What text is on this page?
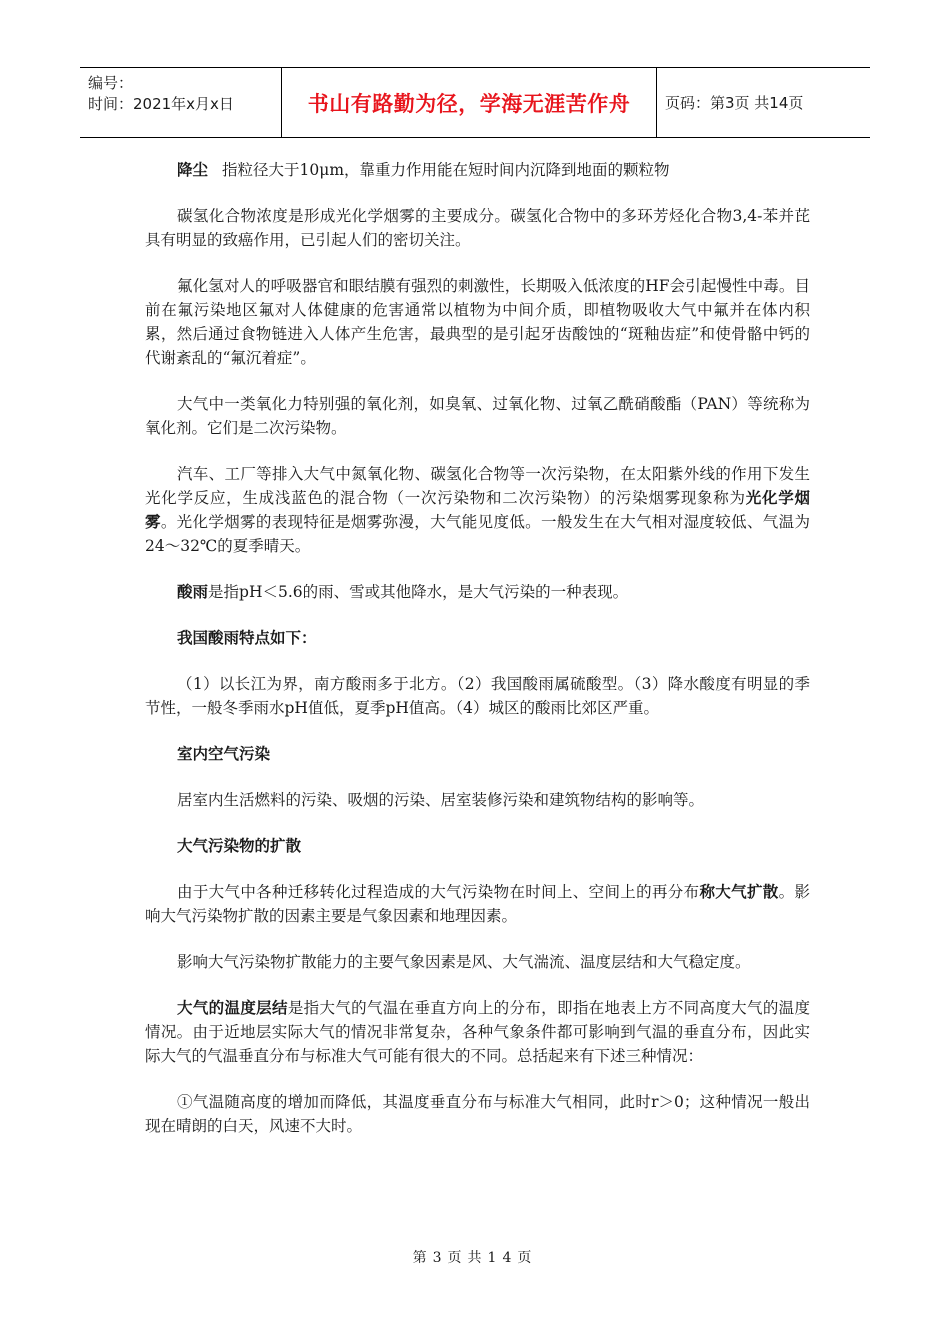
编号：
时间：2021年x月x日	书山有路勤为径，学海无涯苦作舟	页码：第3页 共14页

降尘 指粒径大于10μm，靠重力作用能在短时间内沉降到地面的颗粒物

碳氢化合物浓度是形成光化学烟雾的主要成分。碳氢化合物中的多环芳烃化合物3,4-苯并芘具有明显的致癌作用，已引起人们的密切关注。

氟化氢对人的呼吸器官和眼结膜有强烈的刺激性，长期吸入低浓度的HF会引起慢性中毒。目前在氟污染地区氟对人体健康的危害通常以植物为中间介质，即植物吸收大气中氟并在体内积累，然后通过食物链进入人体产生危害，最典型的是引起牙齿酸蚀的“斑釉齿症”和使骨骼中钙的代谢紊乱的“氟沉着症”。

大气中一类氧化力特别强的氧化剂，如臭氧、过氧化物、过氧乙酰硝酸酯（PAN）等统称为氧化剂。它们是二次污染物。

汽车、工厂等排入大气中氮氧化物、碳氢化合物等一次污染物，在太阳紫外线的作用下发生光化学反应，生成浅蓝色的混合物（一次污染物和二次污染物）的污染烟雾现象称为光化学烟雾。光化学烟雾的表现特征是烟雾弥漫，大气能见度低。一般发生在大气相对湿度较低、气温为24～32℃的夏季晴天。

酸雨是指pH＜5.6的雨、雪或其他降水，是大气污染的一种表现。

我国酸雨特点如下：

（1）以长江为界，南方酸雨多于北方。（2）我国酸雨属硫酸型。（3）降水酸度有明显的季节性，一般冬季雨水pH值低，夏季pH值高。（4）城区的酸雨比郊区严重。

室内空气污染

居室内生活燃料的污染、吸烟的污染、居室装修污染和建筑物结构的影响等。

大气污染物的扩散

由于大气中各种迁移转化过程造成的大气污染物在时间上、空间上的再分布称大气扩散。影响大气污染物扩散的因素主要是气象因素和地理因素。

影响大气污染物扩散能力的主要气象因素是风、大气湍流、温度层结和大气稳定度。

大气的温度层结是指大气的气温在垂直方向上的分布，即指在地表上方不同高度大气的温度情况。由于近地层实际大气的情况非常复杂，各种气象条件都可影响到气温的垂直分布，因此实际大气的气温垂直分布与标准大气可能有很大的不同。总括起来有下述三种情况：

①气温随高度的增加而降低，其温度垂直分布与标准大气相同，此时r＞0；这种情况一般出现在晴朗的白天，风速不大时。

第3页共14页
